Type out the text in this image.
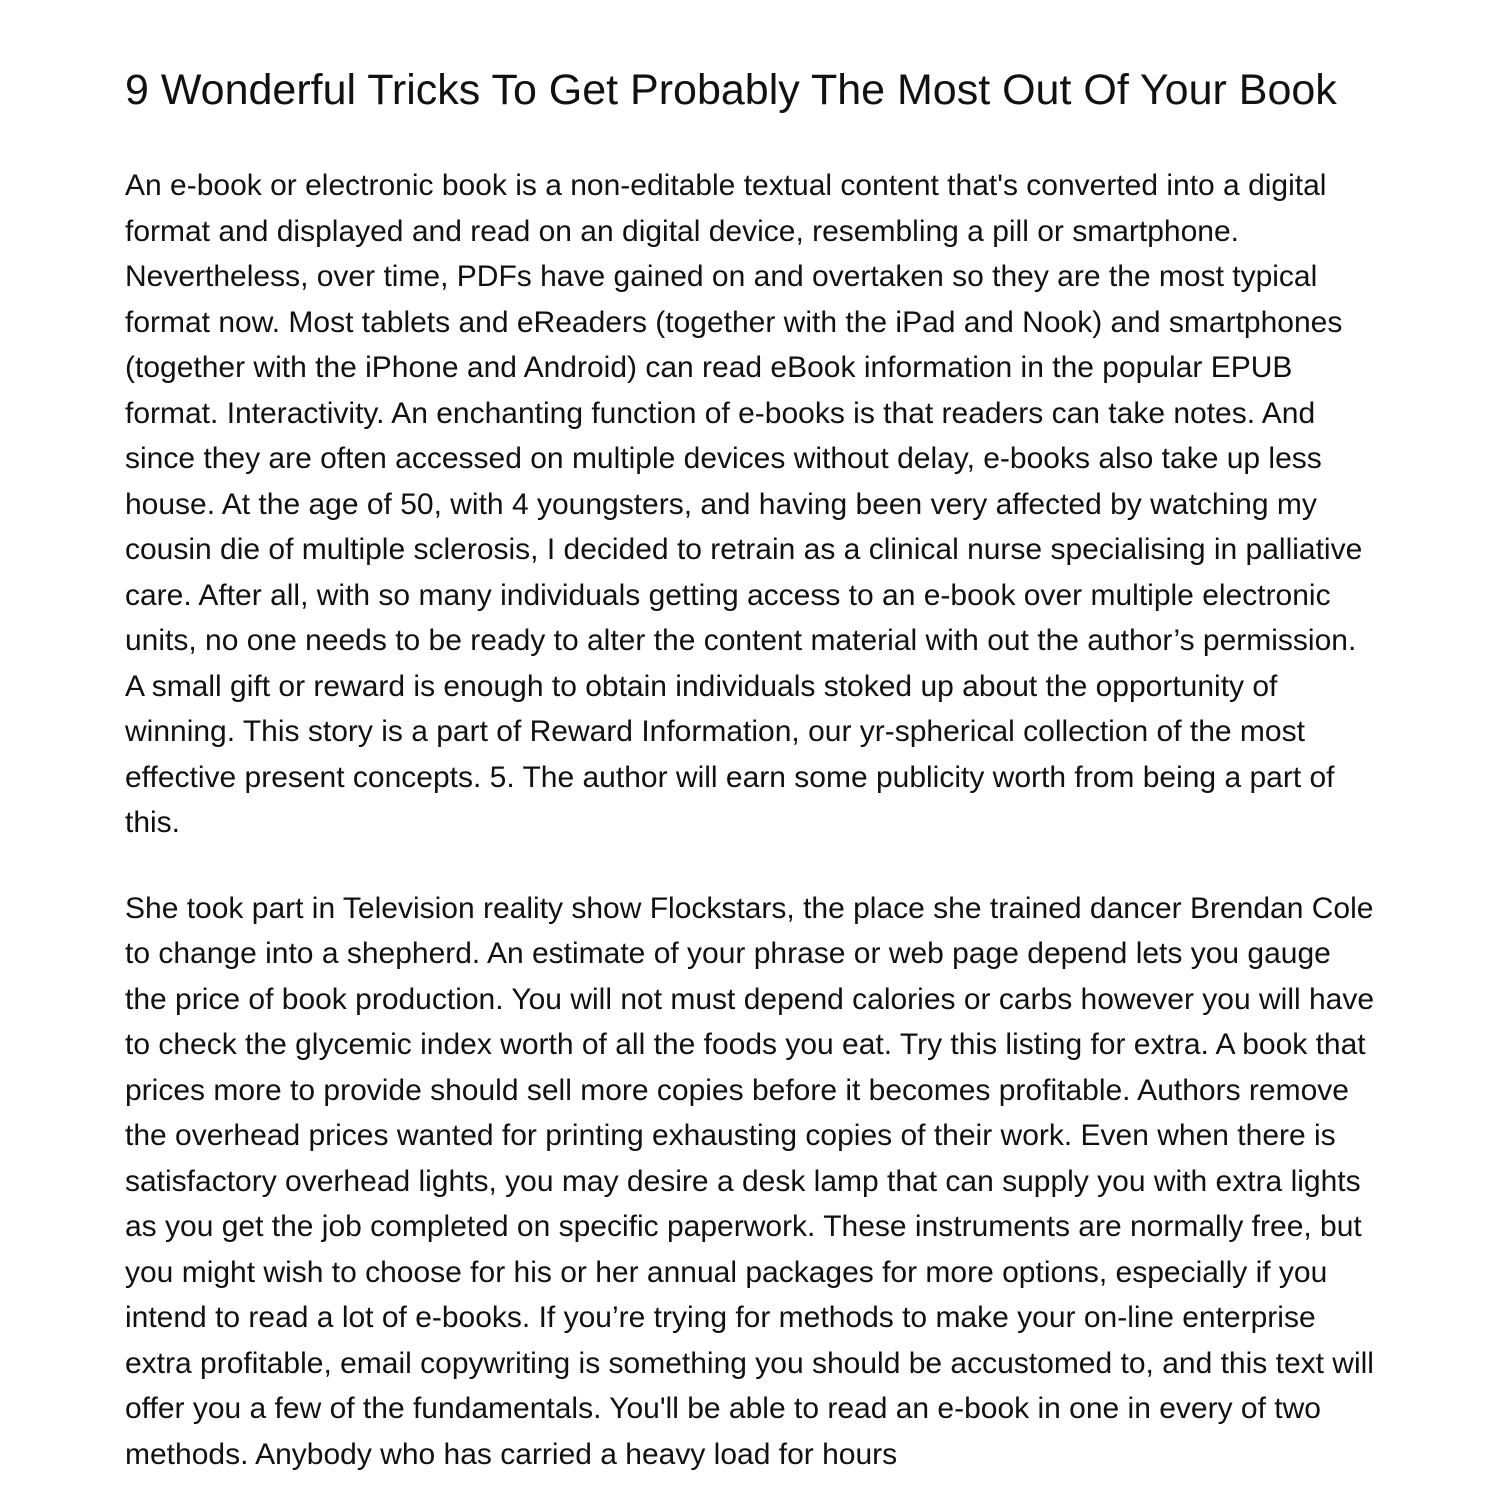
9 Wonderful Tricks To Get Probably The Most Out Of Your Book

An e-book or electronic book is a non-editable textual content that's converted into a digital format and displayed and read on an digital device, resembling a pill or smartphone. Nevertheless, over time, PDFs have gained on and overtaken so they are the most typical format now. Most tablets and eReaders (together with the iPad and Nook) and smartphones (together with the iPhone and Android) can read eBook information in the popular EPUB format. Interactivity. An enchanting function of e-books is that readers can take notes. And since they are often accessed on multiple devices without delay, e-books also take up less house. At the age of 50, with 4 youngsters, and having been very affected by watching my cousin die of multiple sclerosis, I decided to retrain as a clinical nurse specialising in palliative care. After all, with so many individuals getting access to an e-book over multiple electronic units, no one needs to be ready to alter the content material with out the author’s permission. A small gift or reward is enough to obtain individuals stoked up about the opportunity of winning. This story is a part of Reward Information, our yr-spherical collection of the most effective present concepts. 5. The author will earn some publicity worth from being a part of this.

She took part in Television reality show Flockstars, the place she trained dancer Brendan Cole to change into a shepherd. An estimate of your phrase or web page depend lets you gauge the price of book production. You will not must depend calories or carbs however you will have to check the glycemic index worth of all the foods you eat. Try this listing for extra. A book that prices more to provide should sell more copies before it becomes profitable. Authors remove the overhead prices wanted for printing exhausting copies of their work. Even when there is satisfactory overhead lights, you may desire a desk lamp that can supply you with extra lights as you get the job completed on specific paperwork. These instruments are normally free, but you might wish to choose for his or her annual packages for more options, especially if you intend to read a lot of e-books. If you’re trying for methods to make your on-line enterprise extra profitable, email copywriting is something you should be accustomed to, and this text will offer you a few of the fundamentals. You'll be able to read an e-book in one in every of two methods. Anybody who has carried a heavy load for hours
